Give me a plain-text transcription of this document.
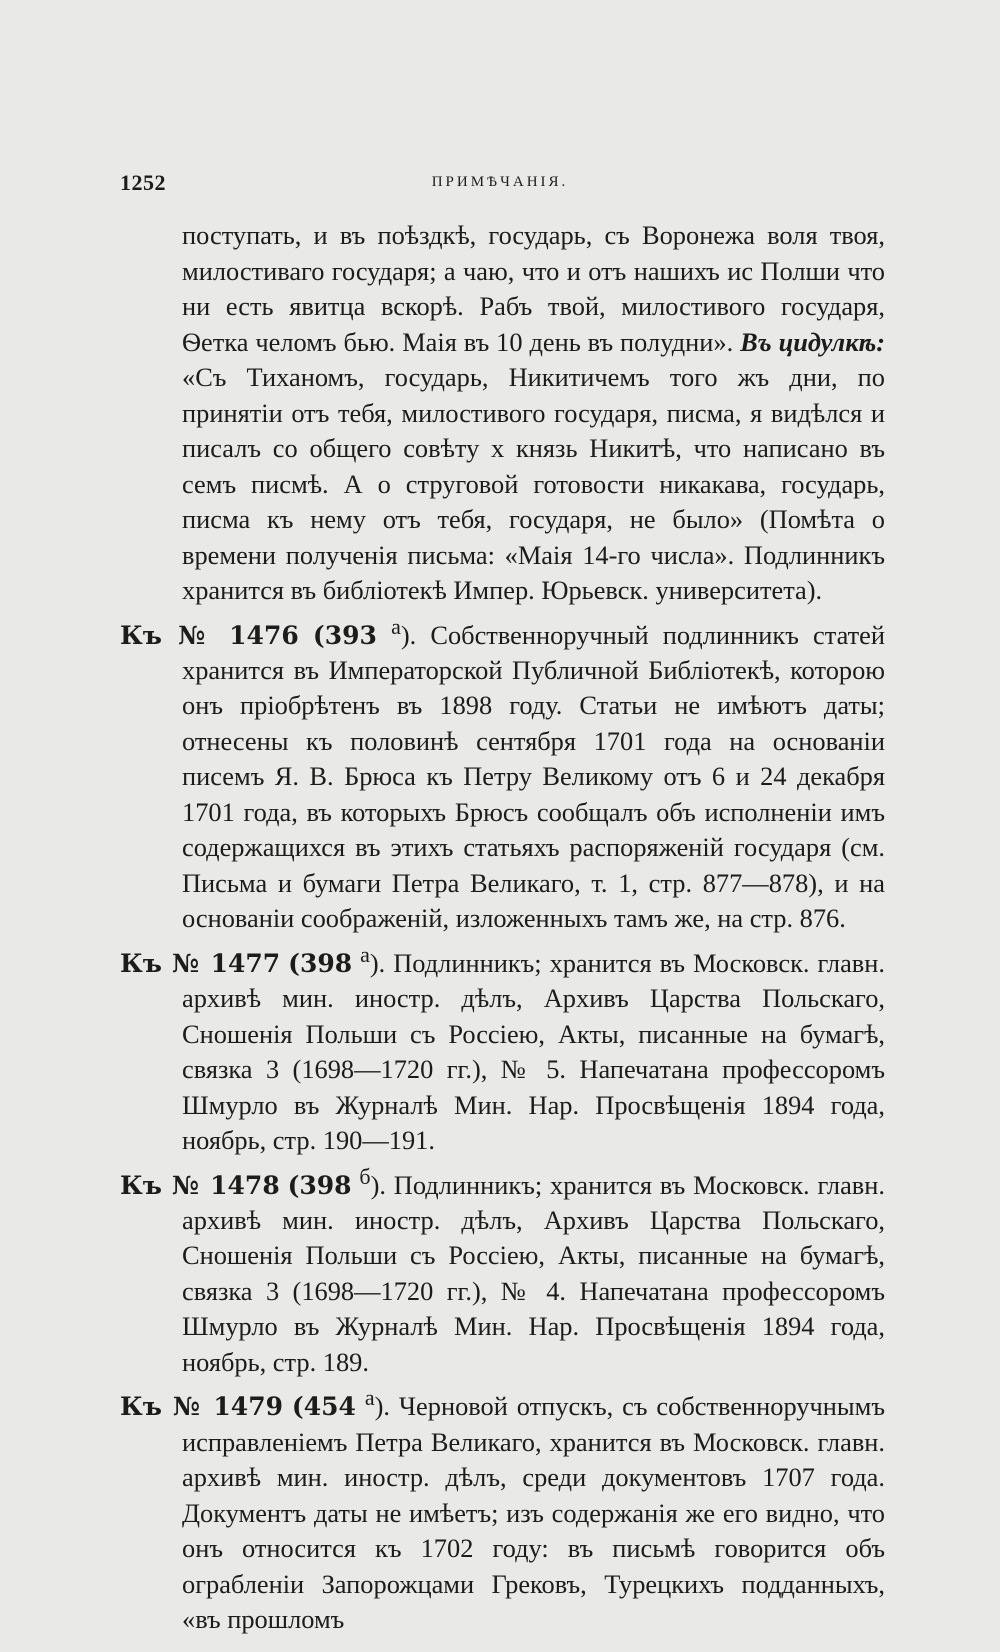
1252	ПРИМѢЧАНІЯ.

поступать, и въ поѣздкѣ, государь, съ Воронежа воля твоя, милостиваго государя; а чаю, что и отъ нашихъ ис Полши что ни есть явитца вскорѣ. Рабъ твой, милостивого государя, Ѳетка челомъ бью. Маія въ 10 день въ полудни». Въ цидулкѣ: «Съ Тиханомъ, государь, Никитичемъ того жъ дни, по принятіи отъ тебя, милостивого государя, писма, я видѣлся и писалъ со общего совѣту х князь Никитѣ, что написано въ семъ писмѣ. А о струговой готовости никакава, государь, писма къ нему отъ тебя, государя, не было» (Помѣта о времени полученія письма: «Маія 14-го числа». Подлинникъ хранится въ библіотекѣ Импер. Юрьевск. университета).

Къ № 1476 (393 $^а$). Собственноручный подлинникъ статей хранится въ Императорской Публичной Библіотекѣ, которою онъ пріобрѣтенъ въ 1898 году. Статьи не имѣютъ даты; отнесены къ половинѣ сентября 1701 года на основаніи писемъ Я. В. Брюса къ Петру Великому отъ 6 и 24 декабря 1701 года, въ которыхъ Брюсъ сообщалъ объ исполненіи имъ содержащихся въ этихъ статьяхъ распоряженій государя (см. Письма и бумаги Петра Великаго, т. 1, стр. 877—878), и на основаніи соображеній, изложенныхъ тамъ же, на стр. 876.

Къ № 1477 (398 $^а$). Подлинникъ; хранится въ Московск. главн. архивѣ мин. иностр. дѣлъ, Архивъ Царства Польскаго, Сношенія Польши съ Россіею, Акты, писанные на бумагѣ, связка 3 (1698—1720 гг.), № 5. Напечатана профессоромъ Шмурло въ Журналѣ Мин. Нар. Просвѣщенія 1894 года, ноябрь, стр. 190—191.

Къ № 1478 (398 $^б$). Подлинникъ; хранится въ Московск. главн. архивѣ мин. иностр. дѣлъ, Архивъ Царства Польскаго, Сношенія Польши съ Россіею, Акты, писанные на бумагѣ, связка 3 (1698—1720 гг.), № 4. Напечатана профессоромъ Шмурло въ Журналѣ Мин. Нар. Просвѣщенія 1894 года, ноябрь, стр. 189.

Къ № 1479 (454 $^а$). Черновой отпускъ, съ собственноручнымъ исправленіемъ Петра Великаго, хранится въ Московск. главн. архивѣ мин. иностр. дѣлъ, среди документовъ 1707 года. Документъ даты не имѣетъ; изъ содержанія же его видно, что онъ относится къ 1702 году: въ письмѣ говорится объ ограбленіи Запорожцами Грековъ, Турецкихъ подданныхъ, «въ прошломъ
